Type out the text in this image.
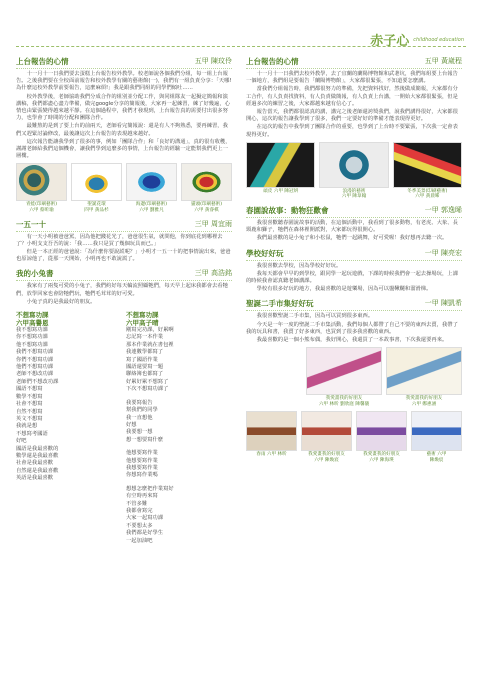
赤子心 childhood education
上台報告的心情	五甲 陳玟伶

十一月十一日我們要去蛋糕上台報告校外教學。校老師說各個我們分組，每一組上台報告。之後我們要在全校面前報告和校外教學有關的藝術館(一)，我們有一組負責分享：「天哪!為什麼這校外教學前要報告，這麼麻煩!」我是跟我們同組的同學們傾吐……

校外教學後，老師協助我們分成合作的組別並分配工作，與同組隊友一起擬定簡報和演講稿，我們都盡心盡力準備，做完google分享的簡報後，大家再一起練習，練了好幾遍，心情也由緊張變得越來越平靜。在這個過程中，我們才發現到，上台報告真的需要付出很多努力，也學會了時間的分配和團隊合作。

最難熬的是到了要上台的前兩天，老師看完簡報說：還是有人不夠熟悉，要再練習，我們又趕緊討論修改，最後讓這次上台報告的表現越來越好。

這次報告能讓我學到了很多的事，例如「團隊合作」和「良好的溝通」，真的很有收穫，謝謝老師給我們這個機會，讓我們學到這麼多的事情，上台報告的經驗一定能幫我們更上一層樓。

青蛙(印刷藝術)
六甲 蔡昕瑜
聖誕花環
四甲 黃品杉
海邊(印刷藝術)
六甲 劉雅凡
貓頭(印刷藝術)
六甲 黃睿棋
一五一十	三甲 周宜雨

有一天小明被爸爸罵，因為他把錢花光了，爸爸很生氣，就問他，你到底花到哪裡去了？小明支支吾吾的說：「我……我只是買了幾個玩具而已。」

但是一本正經的爸爸說：「為什麼你要說謊呢？」小明才一五一十的把事情說出來，爸爸也原諒他了，從那一天開始，小明再也不敢說謊了。

我的小兔書	三甲 高浩銘

我家有了兩隻可愛的小兔子，我們約好每天輪流照顧牠們，每天早上起床我都會去看牠們，放學回家也會陪牠們玩，牠們毛茸茸的好可愛。

小兔子真的是我最好的朋友。

不想寫功課
六甲高譽恩
我不想寫功課
你不想寫功課
他不想寫功課
我們不想寫功課
你們不想寫功課
他們不想寫功課
老師不想改功課
老師們不想改功課
國語不想寫
數學不想寫
社會不想寫
自然不想寫
英文不想寫
我就是想
不想寫考國語
好吧
國語是我最喜歡的
數學還是我最喜歡
社會是我最喜歡
自然還是我最喜歡
英語是我最喜歡
不想寫功課
六甲高子晴
剛寫完功課，好累啊
忘記寫一本作業
那本作業就在書包裡
我連數學都寫了
寫了國語作業
國語還要寫一題
聯絡簿也都寫了
好累好累不想寫了
下次不想寫功課了
我要寫報告
幫我們的同學
我一直想他
好想
我要想一想
想一想要寫什麼
他想要寫作業
他想要寫作業
我想要寫作業
你想寫作業嗎
想想怎麼把作業寫好
有空時再來寫
不管多難
我都會寫完
大家一起寫功課
不要想太多
我們都是好學生
一起加油吧
上台報告的心情	五甲 黃崴程

十一月十一日我們去校外教學，去了宜蘭的蘭陽博物館和武荖坑，我們每組要上台報告一個地方，我們組是要報告「蘭陽博物館」，大家都很緊張，不知道要怎麼講。

當我們分組報告時，我們都很努力的準備，先把資料找好，然後做成簡報，大家都有分工合作，有人負責找資料，有人負責做簡報，有人負責上台講，一開始大家都很緊張，但是經過多次的練習之後，大家都越來越有信心了。

報告當天，我們都很認真的講，講完之後老師還誇獎我們，說我們講得很好，大家都很開心，這次的報告讓我學到了很多，我們一定要好好的準備才能表現得更好。

在這次的報告中我學到了團隊合作的重要，也學到了上台時不要緊張，下次我一定會表現得更好。

頑皮 六甲 陳冠妍	浪漫的藝術
六甲 陳韋翰
冬季美景(印刷藝術)
六甲 黃晨晞
春園說故事：動物狂歡會	一甲 郭逸晞

我很喜歡聽春園說故事的活動，在這個活動中，我看到了很多動物，有老虎、大象、長頸鹿和獅子，牠們在森林裡開派對，大家都玩得很開心。

我們最喜歡的是小兔子和小松鼠，牠們一起跳舞，好可愛喔！我好想再去聽一次。

學校好好玩	一甲 陳亮宏

我很喜歡去學校，因為學校好好玩。

我每天都會早早的到學校，跟同學一起玩遊戲，下課的時候我們會一起去操場玩，上課的時候我會認真聽老師講課。

學校有很多好玩的地方，我最喜歡的是遊樂場，因為可以盪鞦韆和溜滑梯。

聖誕二手市集好好玩	一甲 陳凱希

我很喜歡聖誕二手市集，因為可以買到很多東西。

今天是一年一度的聖誕二手市集活動，我們每個人都帶了自己不要的東西去賣，我帶了我的玩具和書，我賣了好多東西，也買到了很多我喜歡的東西。

我最喜歡的是一個小熊布偶，我好開心，我還買了一本故事書，下次我還要再來。

我愛畫我的好朋友
六甲 林昕 劉欣庭 陳馨儀
我愛畫我的好朋友
六甲 鄭惠涵
春雨 六甲 林昕	我愛畫我的好朋友
六甲 陳煥宸
我愛畫我的好朋友
六甲 陳海瑛
藝術 六甲
陳煥宸
